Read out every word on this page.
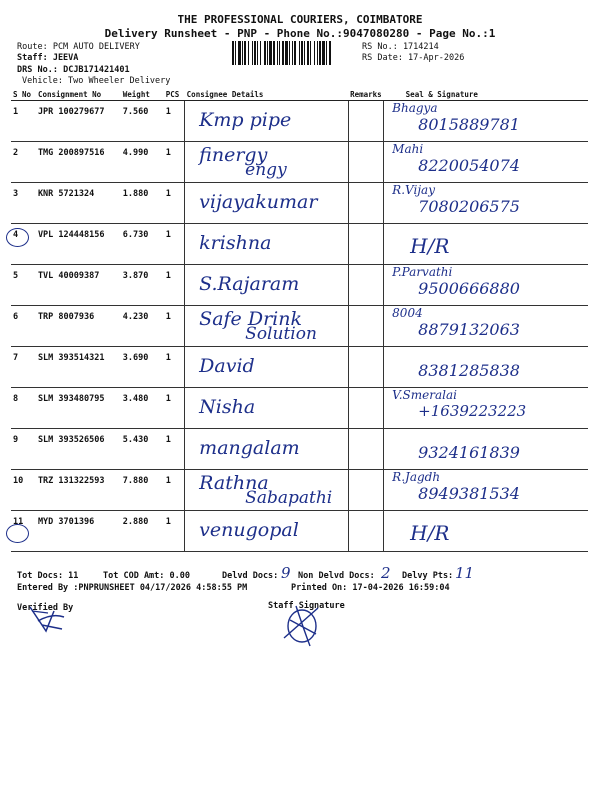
THE PROFESSIONAL COURIERS, COIMBATORE
Delivery Runsheet - PNP - Phone No.:9047080280 - Page No.:1
Route: PCM AUTO DELIVERY
Staff: JEEVA
DRS No.: DCJB171421401
Vehicle: Two Wheeler Delivery
RS No.: 1714214
RS Date: 17-Apr-2026
S No	Consignment No	Weight	PCS	Consignee Details	Remarks	Seal & Signature
1	JPR 100279677	7.560	1	Kmp pipe		Bhagya
8015889781

2	TMG 200897516	4.990	1	finergy
engy		Mahi
8220054074

3	KNR 5721324	1.880	1	vijayakumar		R.Vijay
7080206575

4	VPL 124448156	6.730	1	krishna		H/R

5	TVL 40009387	3.870	1	S.Rajaram		P.Parvathi
9500666880

6	TRP 8007936	4.230	1	Safe Drink
Solution		8004
8879132063

7	SLM 393514321	3.690	1	David		8381285838

8	SLM 393480795	3.480	1	Nisha		V.Smeralai
+1639223223

9	SLM 393526506	5.430	1	mangalam		9324161839

10	TRZ 131322593	7.880	1	Rathna
Sabapathi		R.Jagdh
8949381534

11	MYD 3701396	2.880	1	venugopal		H/R
Tot Docs: 11	Tot COD Amt: 0.00	Delvd Docs: 9 Non Delvd Docs: 2 Delvy Pts: 11
Entered By :PNPRUNSHEET 04/17/2026 4:58:55 PM	Printed On: 17-04-2026 16:59:04
Verified By	Staff Signature
